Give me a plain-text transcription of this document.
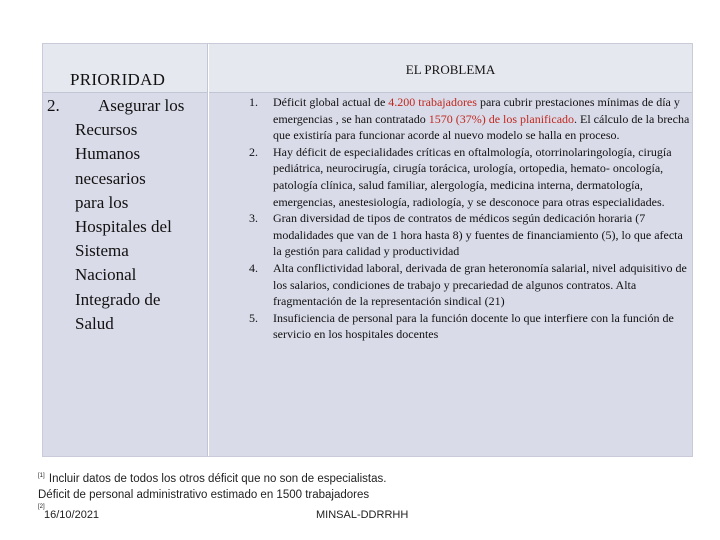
PRIORIDAD
2. Asegurar los
Recursos
Humanos
necesarios
para los
Hospitales del
Sistema
Nacional
Integrado de
Salud
EL PROBLEMA
1. Déficit global actual de 4.200 trabajadores para cubrir prestaciones mínimas de día y emergencias , se han contratado 1570 (37%) de los planificado. El cálculo de la brecha que existiría para funcionar acorde al nuevo modelo se halla en proceso.
2. Hay déficit de especialidades críticas en oftalmología, otorrinolaringología, cirugía pediátrica, neurocirugía, cirugía torácica, urología, ortopedia, hemato- oncología, patología clínica, salud familiar, alergología, medicina interna, dermatología, emergencias, anestesiología, radiología, y se desconoce para otras especialidades.
3. Gran diversidad de tipos de contratos de médicos según dedicación horaria (7 modalidades que van de 1 hora hasta 8) y fuentes de financiamiento (5), lo que afecta la gestión para calidad y productividad
4. Alta conflictividad laboral, derivada de gran heteronomía salarial, nivel adquisitivo de los salarios, condiciones de trabajo y precariedad de algunos contratos. Alta fragmentación de la representación sindical (21)
5. Insuficiencia de personal para la función docente lo que interfiere con la función de servicio en los hospitales docentes
[1] Incluir datos de todos los otros déficit que no son de especialistas.
Déficit de personal administrativo estimado en 1500 trabajadores
[2]
16/10/2021	MINSAL-DDRRHH
